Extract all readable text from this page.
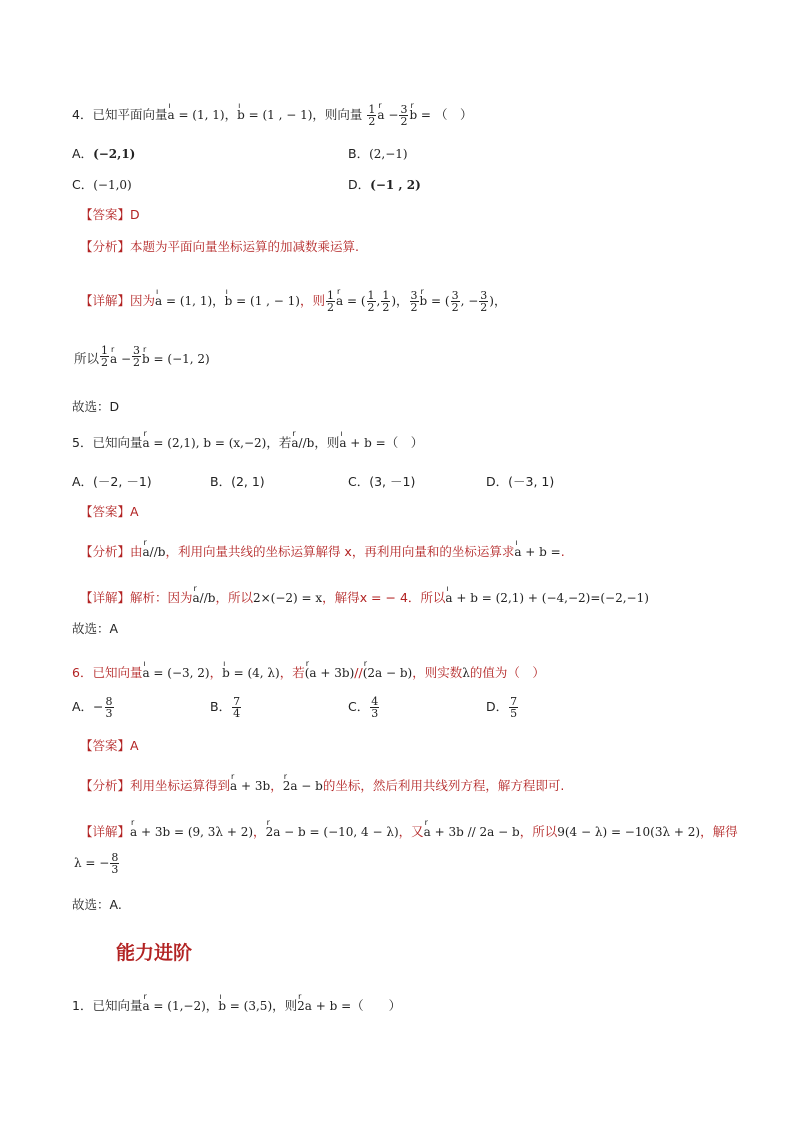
4．已知平面向量ı a = (1, 1)，ı b = (1 , − 1)，则向量 $\frac{1}{2}$ r $a - \frac{3}{2}$ r b = （　）
A．(−2,1)	B．(2,−1)
C．(−1,0)	D．(−1 , 2)
【答案】D
【分析】本题为平面向量坐标运算的加减数乘运算.
【详解】因为ı a = (1, 1)，ı b = (1 , − 1)，则 $\frac{1}{2}$ r a = ( $\frac{1}{2}$ , $\frac{1}{2}$ )， $\frac{3}{2}$ r b = ( $\frac{3}{2}$ , − $\frac{3}{2}$ )，
所以 $\frac{1}{2}$ r $a - \frac{3}{2}$ r b = (−1, 2)
故选：D
5．已知向量r a = (2,1), b = (x,−2)，若r a//b，则ı a + b =（　）
A．(－2, －1)	B．(2, 1)	C．(3, －1)	D．(－3, 1)
【答案】A
【分析】由r a//b，利用向量共线的坐标运算解得 x，再利用向量和的坐标运算求ı a + b =.
【详解】解析：因为r a//b，所以2×(−2) = x，解得x = − 4．所以ı a + b = (2,1) + (−4,−2)=(−2,−1)
故选：A
6．已知向量ı a = (−3, 2)，ı b = (4, λ)，若r (a + 3b)//r (2a − b)，则实数λ的值为（　）
A．− $\frac{8}{3}$	B． $\frac{7}{4}$	C． $\frac{4}{3}$	D． $\frac{7}{5}$
【答案】A
【分析】利用坐标运算得到r a + 3b，r 2a − b的坐标，然后利用共线列方程，解方程即可.
【详解】r a + 3b = (9, 3λ + 2)，r 2a − b = (−10, 4 − λ)，又r a + 3b // 2a − b，所以9(4 − λ) = −10(3λ + 2)，解得
λ = − $\frac{8}{3}$
故选：A.
能力进阶
1．已知向量r a = (1,−2)，ı b = (3,5)，则r 2a + b =（　　）
